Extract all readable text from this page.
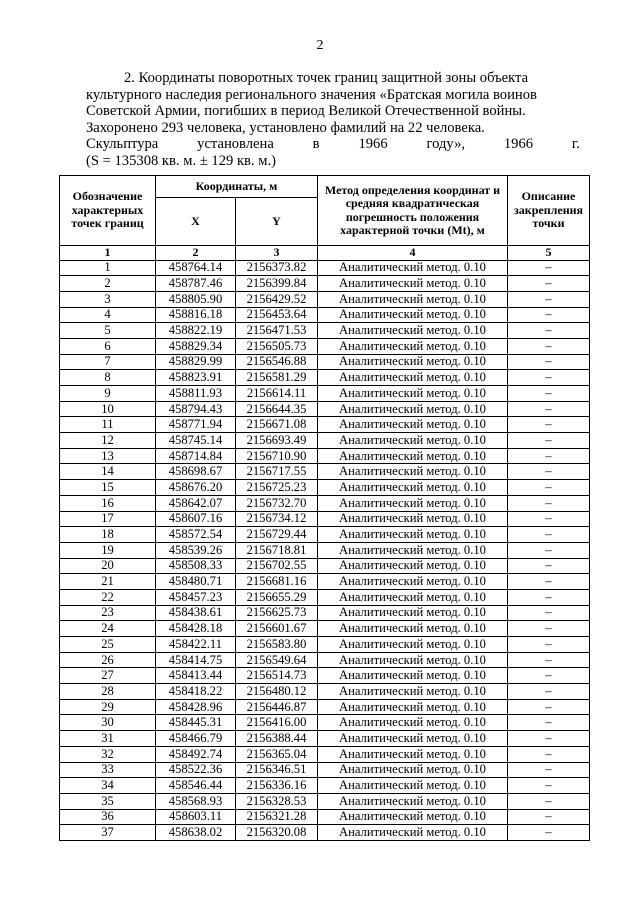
2
2. Координаты поворотных точек границ защитной зоны объекта
культурного наследия регионального значения «Братская могила воинов
Советской Армии, погибших в период Великой Отечественной войны.
Захоронено 293 человека, установлено фамилий на 22 человека.
Скульптура	установлена	в	1966	году»,	1966	г.
(S = 135308 кв. м. ± 129 кв. м.)
Обозначение характерных точек границ	Координаты, м		Метод определения координат и средняя квадратическая погрешность положения характерной точки (Mt), м	Описание закрепления точки
	X	Y		
1	2	3	4	5
1	458764.14	2156373.82	Аналитический метод. 0.10	–
2	458787.46	2156399.84	Аналитический метод. 0.10	–
3	458805.90	2156429.52	Аналитический метод. 0.10	–
4	458816.18	2156453.64	Аналитический метод. 0.10	–
5	458822.19	2156471.53	Аналитический метод. 0.10	–
6	458829.34	2156505.73	Аналитический метод. 0.10	–
7	458829.99	2156546.88	Аналитический метод. 0.10	–
8	458823.91	2156581.29	Аналитический метод. 0.10	–
9	458811.93	2156614.11	Аналитический метод. 0.10	–
10	458794.43	2156644.35	Аналитический метод. 0.10	–
11	458771.94	2156671.08	Аналитический метод. 0.10	–
12	458745.14	2156693.49	Аналитический метод. 0.10	–
13	458714.84	2156710.90	Аналитический метод. 0.10	–
14	458698.67	2156717.55	Аналитический метод. 0.10	–
15	458676.20	2156725.23	Аналитический метод. 0.10	–
16	458642.07	2156732.70	Аналитический метод. 0.10	–
17	458607.16	2156734.12	Аналитический метод. 0.10	–
18	458572.54	2156729.44	Аналитический метод. 0.10	–
19	458539.26	2156718.81	Аналитический метод. 0.10	–
20	458508.33	2156702.55	Аналитический метод. 0.10	–
21	458480.71	2156681.16	Аналитический метод. 0.10	–
22	458457.23	2156655.29	Аналитический метод. 0.10	–
23	458438.61	2156625.73	Аналитический метод. 0.10	–
24	458428.18	2156601.67	Аналитический метод. 0.10	–
25	458422.11	2156583.80	Аналитический метод. 0.10	–
26	458414.75	2156549.64	Аналитический метод. 0.10	–
27	458413.44	2156514.73	Аналитический метод. 0.10	–
28	458418.22	2156480.12	Аналитический метод. 0.10	–
29	458428.96	2156446.87	Аналитический метод. 0.10	–
30	458445.31	2156416.00	Аналитический метод. 0.10	–
31	458466.79	2156388.44	Аналитический метод. 0.10	–
32	458492.74	2156365.04	Аналитический метод. 0.10	–
33	458522.36	2156346.51	Аналитический метод. 0.10	–
34	458546.44	2156336.16	Аналитический метод. 0.10	–
35	458568.93	2156328.53	Аналитический метод. 0.10	–
36	458603.11	2156321.28	Аналитический метод. 0.10	–
37	458638.02	2156320.08	Аналитический метод. 0.10	–
